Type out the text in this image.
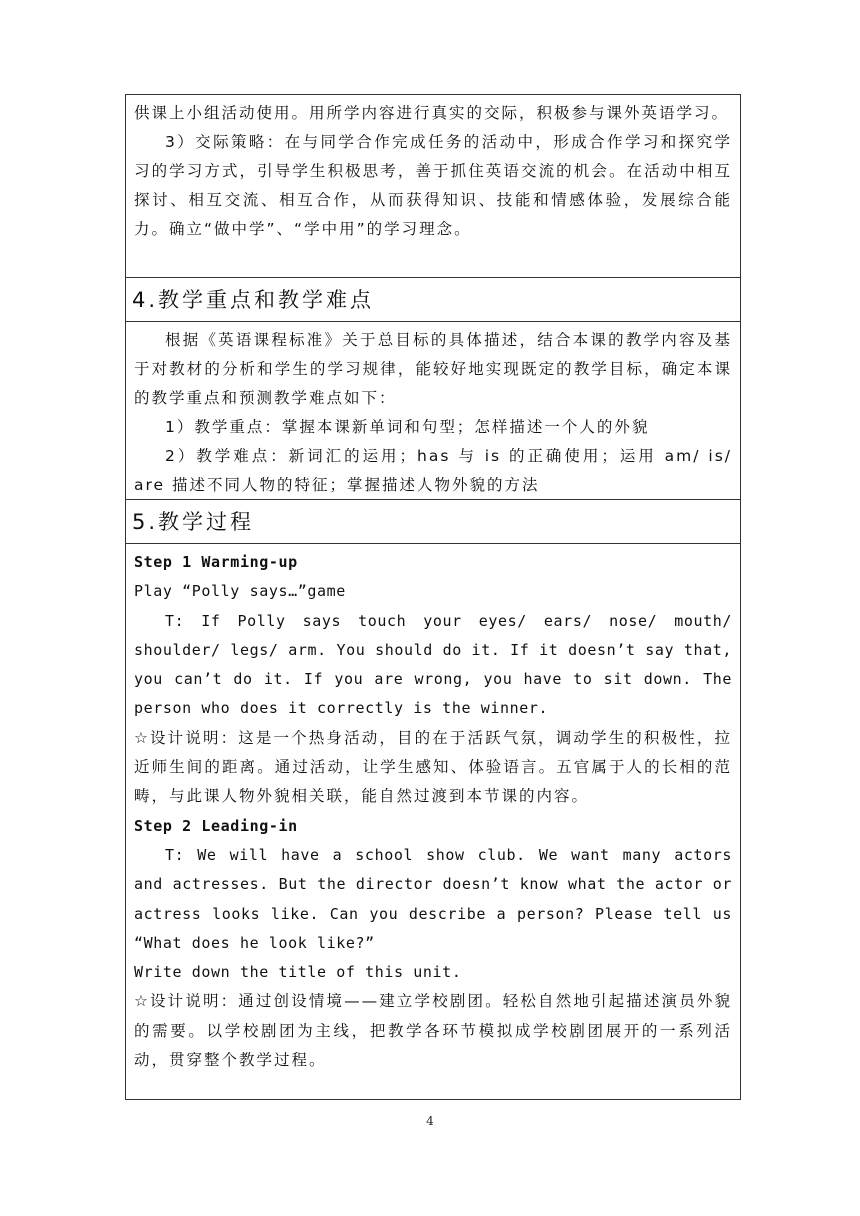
供课上小组活动使用。用所学内容进行真实的交际，积极参与课外英语学习。

3）交际策略：在与同学合作完成任务的活动中，形成合作学习和探究学习的学习方式，引导学生积极思考，善于抓住英语交流的机会。在活动中相互探讨、相互交流、相互合作，从而获得知识、技能和情感体验，发展综合能力。确立“做中学”、“学中用”的学习理念。

4.教学重点和教学难点

根据《英语课程标准》关于总目标的具体描述，结合本课的教学内容及基于对教材的分析和学生的学习规律，能较好地实现既定的教学目标，确定本课的教学重点和预测教学难点如下：

1）教学重点：掌握本课新单词和句型；怎样描述一个人的外貌

2）教学难点：新词汇的运用；has 与 is 的正确使用；运用 am/ is/ are 描述不同人物的特征；掌握描述人物外貌的方法

5.教学过程

Step 1 Warming-up

Play “Polly says…”game

T: If Polly says touch your eyes/ ears/ nose/ mouth/ shoulder/ legs/ arm. You should do it. If it doesn’t say that, you can’t do it. If you are wrong, you have to sit down. The person who does it correctly is the winner.

☆设计说明：这是一个热身活动，目的在于活跃气氛，调动学生的积极性，拉近师生间的距离。通过活动，让学生感知、体验语言。五官属于人的长相的范畴，与此课人物外貌相关联，能自然过渡到本节课的内容。

Step 2 Leading-in

T: We will have a school show club. We want many actors and actresses. But the director doesn’t know what the actor or actress looks like. Can you describe a person? Please tell us “What does he look like?”

Write down the title of this unit.

☆设计说明：通过创设情境——建立学校剧团。轻松自然地引起描述演员外貌的需要。以学校剧团为主线，把教学各环节模拟成学校剧团展开的一系列活动，贯穿整个教学过程。

4
